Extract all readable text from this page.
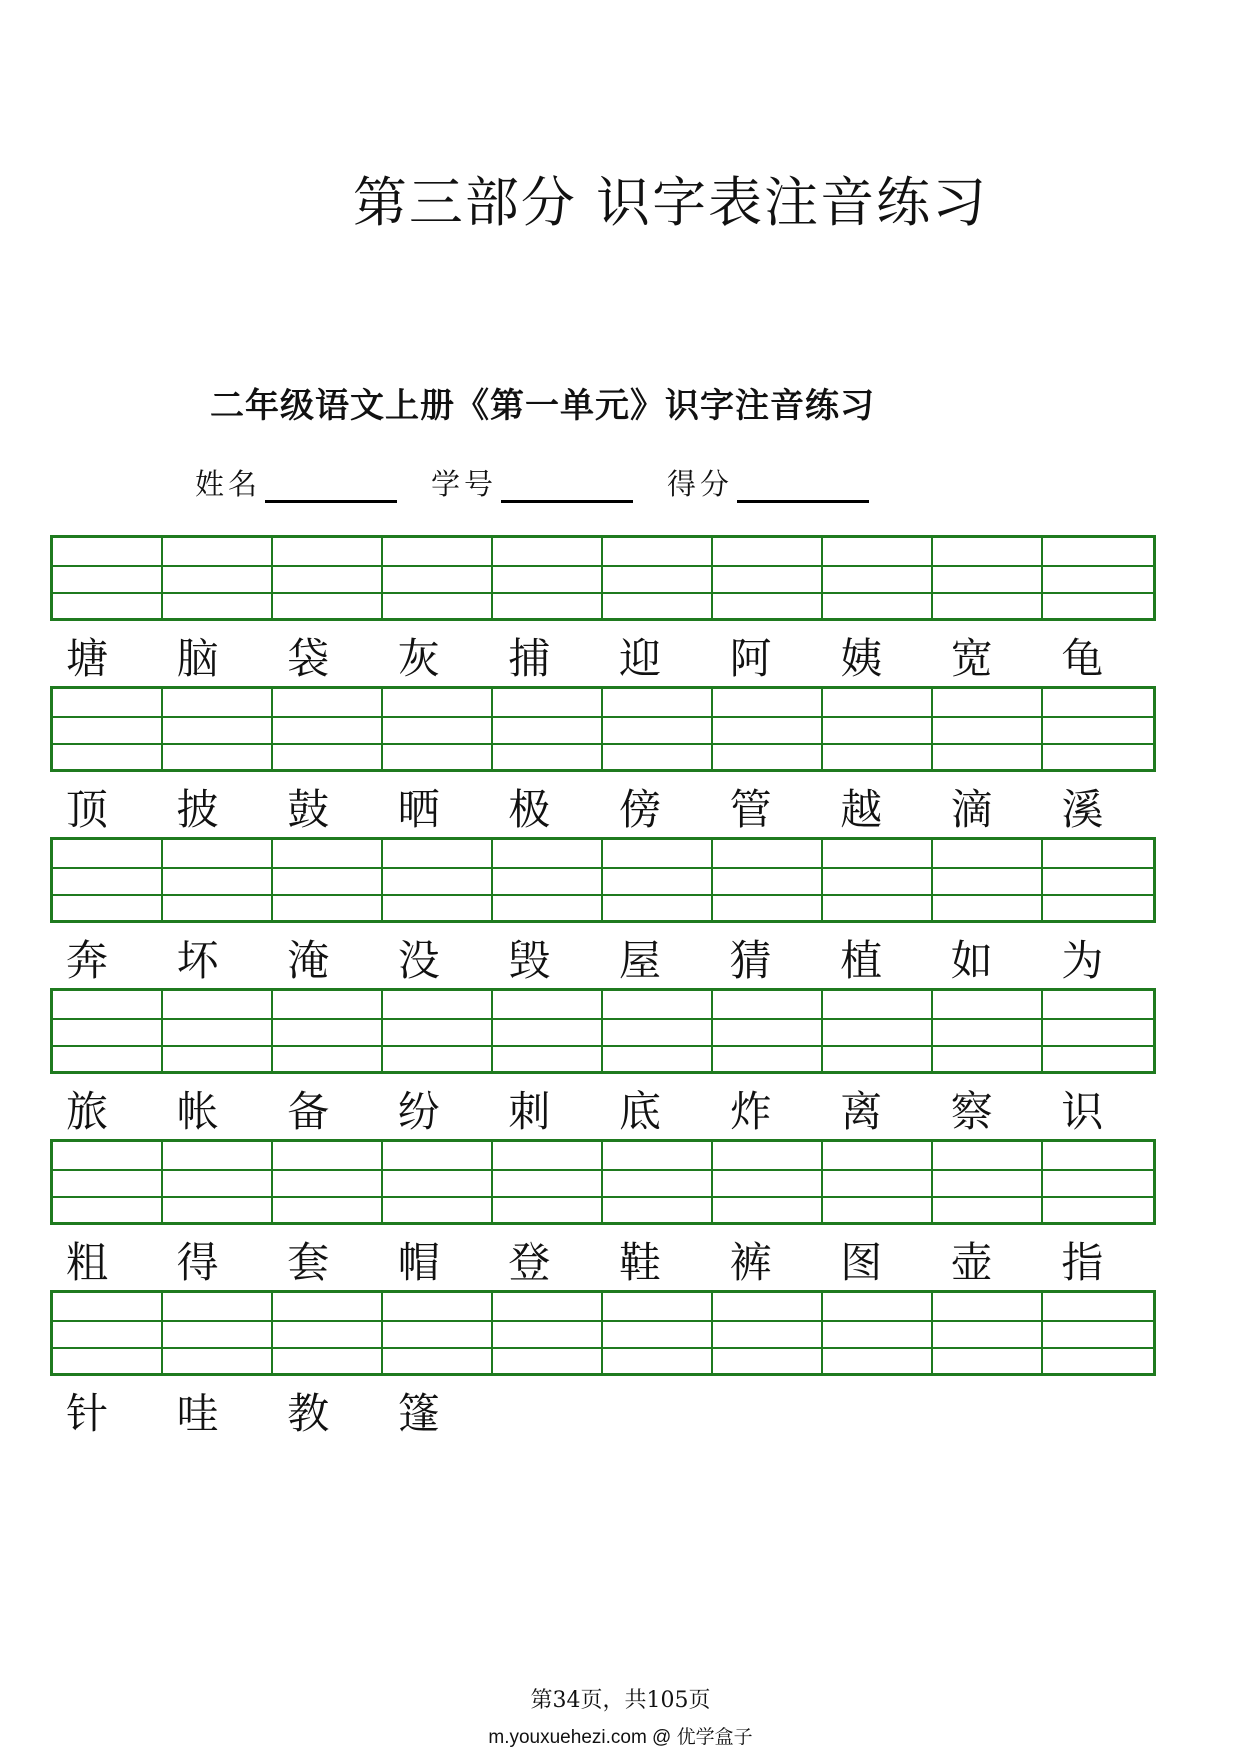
第三部分 识字表注音练习
二年级语文上册《第一单元》识字注音练习
姓名	学号	得分
塘	脑	袋	灰	捕	迎	阿	姨	宽	龟
顶	披	鼓	晒	极	傍	管	越	滴	溪
奔	坏	淹	没	毁	屋	猜	植	如	为
旅	帐	备	纷	刺	底	炸	离	察	识
粗	得	套	帽	登	鞋	裤	图	壶	指
针	哇	教	篷
第34页，共105页
m.youxuehezi.com @ 优学盒子
